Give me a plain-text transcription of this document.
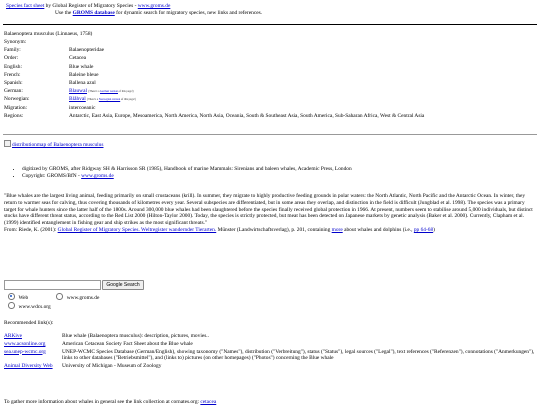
Species fact sheet by Global Register of Migratory Species - www.groms.de
Use the GROMS database for dynamic search for migratory species, new links and references.
Balaenoptera musculus (Linnaeus, 1758)
Synonym:	
Family:	Balaenopteridae
Order:	Cetacea
English:	Blue whale
French:	Baleine bleue
Spanish:	Ballena azul
German:	Blauwal (There's a German version of this page!)
Norwegian:	Blåhval (There's a Norwegian version of this page!)
Migration:	intercoeanic
Regions:	Antarctic, East Asia, Europe, Mesoamerica, North America, North Asia, Oceania, South & Southeast Asia, South America, Sub-Saharan Africa, West & Central Asia
distributionmap of Balaenoptera musculus
• digitized by GROMS, after Ridgway SH & Harrisson SR (1985), Handbook of marine Mammals: Sirenians and baleen whales, Academic Press, London
• Copyright: GROMS/BfN - www.groms.de
"Blue whales are the largest living animal, feeding primarily on small crustaceans (krill). In summer, they migrate to highly productive feeding grounds in polar waters: the North Atlantic, North Pacific and the Antarctic Ocean. In winter, they return to warmer seas for calving, thus covering thousands of kilometres every year. Several subspecies are differentiated, but in some areas they overlap, and distinction in the field is difficult (Jungblad et al. 1998). The species was a primary target for whale hunters since the latter half of the 1800s. Around 300,000 blue whales had been slaughtered before the species finally received global protection in 1966. At present, numbers seem to stabilise around 5,000 individuals, but distinct stocks have different threat status, according to the Red List 2000 (Hilton-Taylor 2000). Today, the species is strictly protected, but meat has been detected on Japanese markets by genetic analysis (Baker et al. 2000). Currently, Clapham et al. (1999) identified entanglement in fishing gear and ship strikes as the most significant threats."
From: Riede, K. (2001): Global Register of Migratory Species. Weltregister wandernder Tierarten. Münster (Landwirtschaftsverlag), p. 201, containing more about whales and dolphins (i.e., pp 64-68)
Google Search
Web	www.groms.de
www.wdcs.org
Recommended link(s):
ARKive	Blue whale (Balaenoptera musculus): description, pictures, movies..
www.acsonline.org	American Cetacean Society Fact Sheet about the Blue whale
sea.unep-wcmc.org	UNEP-WCMC Species Database (German/English), showing taxonomy ("Names"), distribution ("Verbreitung"), status ("Status"), legal sources ("Legal"), text references ("Referenzen"), connotations ("Anmerkungen"), links to other databases ("Betriebsmittel"), and (links to) pictures (on other homepages) ("Photos") concerning the Blue whale
Animal Diversity Web	University of Michigan - Museum of Zoology
To gather more information about whales in general see the link collection at cornates.org: cetacea
